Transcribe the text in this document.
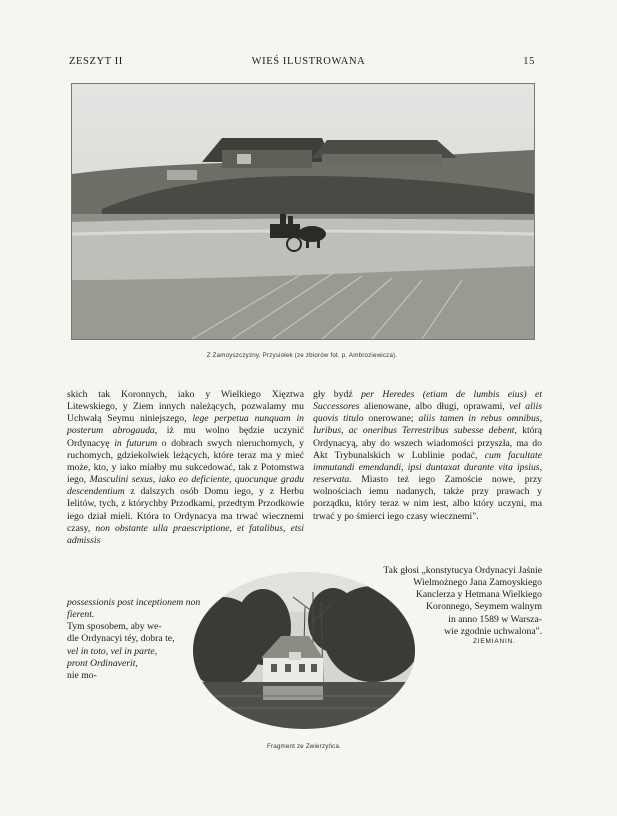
ZESZYT II	WIEŚ ILUSTROWANA	15
Z Zamoyszczyzny. Przysiołek (ze zbiorów fot. p. Ambroziewicza).

skich tak Koronnych, iako y Wielkiego Xięztwa Litewskiego, y Ziem innych należących, pozwalamy mu Uchwałą Seymu niniejszego, lege perpetua nunquam in posterum abrogauda, iż mu wolno będzie uczynić Ordynacyę in futurum o dobrach swych nieruchomych, y ruchomych, gdziekolwiek leżących, które teraz ma y mieć może, kto, y iako miałby mu sukcedować, tak z Potomstwa iego, Masculini sexus, iako eo deficiente, quocunque gradu descendentium z dalszych osób Domu iego, y z Herbu Ielitów, tych, z którychby Przodkami, przedtym Przodkowie iego dział mieli. Która to Ordynacya ma trwać wiecznemi czasy, non obstante ulla praescriptione, et fatalibus, etsi admissis

possessionis post inceptionem non
fierent.
Tym sposobem, aby we-
dle Ordynacyi téy, dobra te,
vel in toto, vel in parte,
pront Ordinaverit,
nie mo-

gły bydź per Heredes (etiam de lumbis eius) et Successores alienowane, albo długi, oprawami, vel aliis quovis titulo onerowane; aliis tamen in rebus omnibus, Iuribus, ac oneribus Terrestribus subesse debent, którą Ordynacyą, aby do wszech wiadomości przyszła, ma do Akt Trybunalskich w Lublinie podać, cum facultate immutandi emendandi, ipsi duntaxat durante vita ipsius, reservata. Miasto też iego Zamoście nowe, przy wolnościach iemu nadanych, także przy prawach y porządku, który teraz w nim iest, albo który uczyni, ma trwać y po śmierci iego czasy wiecznemi".

Tak głosi „konstytucya Ordynacyi Jaśnie
Wielmożnego Jana Zamoyskiego
Kanclerza y Hetmana Wielkiego
Koronnego, Seymem walnym
in anno 1589 w Warsza-
wie zgodnie uchwalona".
ZIEMIANIN.
Fragment ze Zwierzyńca.
